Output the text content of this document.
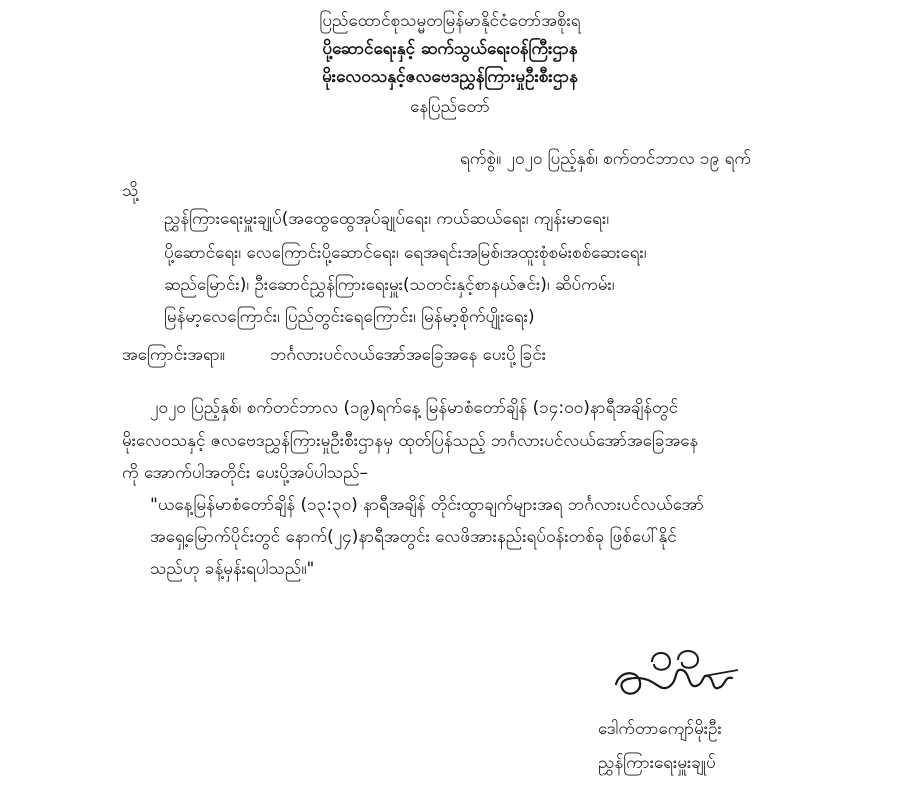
ပြည်ထောင်စုသမ္မတမြန်မာနိုင်ငံတော်အစိုးရ
ပို့ဆောင်ရေးနှင့် ဆက်သွယ်ရေးဝန်ကြီးဌာန
မိုးလေဝသနှင့်ဇလဗေဒညွှန်ကြားမှုဦးစီးဌာန
နေပြည်တော်
ရက်စွဲ။ ၂၀၂၀ ပြည့်နှစ်၊ စက်တင်ဘာလ ၁၉ ရက်
သို့
ညွှန်ကြားရေးမှူးချုပ်(အထွေထွေအုပ်ချုပ်ရေး၊ ကယ်ဆယ်ရေး၊ ကျန်းမာရေး၊
ပို့ဆောင်ရေး၊ လေကြောင်းပို့ဆောင်ရေး၊ ရေအရင်းအမြစ်၊အထူးစုံစမ်းစစ်ဆေးရေး၊
ဆည်မြောင်း)၊ ဦးဆောင်ညွှန်ကြားရေးမှူး(သတင်းနှင့်စာနယ်ဇင်း)၊ ဆိပ်ကမ်း၊
မြန်မာ့လေကြောင်း၊ ပြည်တွင်းရေကြောင်း၊ မြန်မာ့စိုက်ပျိုးရေး)
အကြောင်းအရာ။	ဘင်္ဂလားပင်လယ်အော်အခြေအနေ ပေးပို့ခြင်း
၂၀၂၀ ပြည့်နှစ်၊ စက်တင်ဘာလ (၁၉)ရက်နေ့ မြန်မာစံတော်ချိန် (၁၄:၀၀)နာရီအချိန်တွင်
မိုးလေဝသနှင့် ဇလဗေဒညွှန်ကြားမှုဦးစီးဌာနမှ ထုတ်ပြန်သည့် ဘင်္ဂလားပင်လယ်အော်အခြေအနေ
ကို အောက်ပါအတိုင်း ပေးပို့အပ်ပါသည်–
"ယနေ့မြန်မာစံတော်ချိန် (၁၃:၃၀) နာရီအချိန် တိုင်းထွာချက်များအရ ဘင်္ဂလားပင်လယ်အော်
အရှေ့မြောက်ပိုင်းတွင် နောက်(၂၄)နာရီအတွင်း လေဖိအားနည်းရပ်ဝန်းတစ်ခု ဖြစ်ပေါ်နိုင်
သည်ဟု ခန့်မှန်းရပါသည်။"
ဒေါက်တာကျော်မိုးဦး
ညွှန်ကြားရေးမှူးချုပ်
